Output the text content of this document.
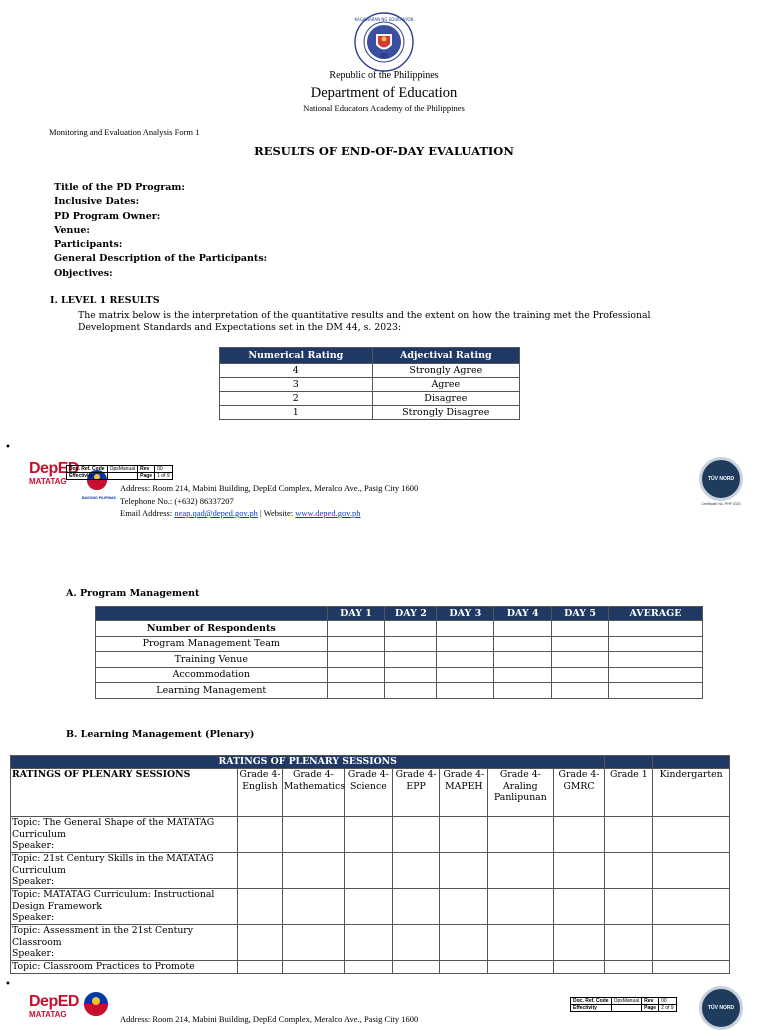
KAGAWARAN NG EDUKASYON
Republic of the Philippines
Department of Education
National Educators Academy of the Philippines
Monitoring and Evaluation Analysis Form 1
RESULTS OF END-OF-DAY EVALUATION
Title of the PD Program:
Inclusive Dates:
PD Program Owner:
Venue:
Participants:
General Description of the Participants:
Objectives:
I. LEVEL 1 RESULTS
The matrix below is the interpretation of the quantitative results and the extent on how the training met the Professional Development Standards and Expectations set in the DM 44, s. 2023:
Numerical Rating	Adjectival Rating
4	Strongly Agree
3	Agree
2	Disagree
1	Strongly Disagree
•
DepED
MATATAG
BAGONG PILIPINAS
Doc. Ref. Code	OpsManual	Rev	00
Effectivity		Page	1 of 9
Address: Room 214, Mabini Building, DepEd Complex, Meralco Ave., Pasig City 1600
Telephone No.: (+632) 86337207
Email Address: neap.qad@deped.gov.ph | Website: www.deped.gov.ph
TÜV NORD
Certificate No. PHP 2023
A. Program Management
	DAY 1	DAY 2	DAY 3	DAY 4	DAY 5	AVERAGE
Number of Respondents						
Program Management Team						
Training Venue						
Accommodation						
Learning Management						
B. Learning Management (Plenary)
RATINGS OF PLENARY SESSIONS									
RATINGS OF PLENARY SESSIONS	Grade 4-English	Grade 4-Mathematics	Grade 4-Science	Grade 4-EPP	Grade 4-MAPEH	Grade 4-Araling Panlipunan	Grade 4-GMRC	Grade 1	Kindergarten

Topic: The General Shape of the MATATAG Curriculum
Speaker:									

Topic: 21st Century Skills in the MATATAG Curriculum
Speaker:									

Topic: MATATAG Curriculum: Instructional Design Framework
Speaker:									

Topic: Assessment in the 21st Century Classroom
Speaker:									

Topic: Classroom Practices to Promote									

•
DepED
MATATAG	Address: Room 214, Mabini Building, DepEd Complex, Meralco Ave., Pasig City 1600
Doc. Ref. Code	OpsManual	Rev	00
Effectivity		Page	2 of 9	TÜV NORD
